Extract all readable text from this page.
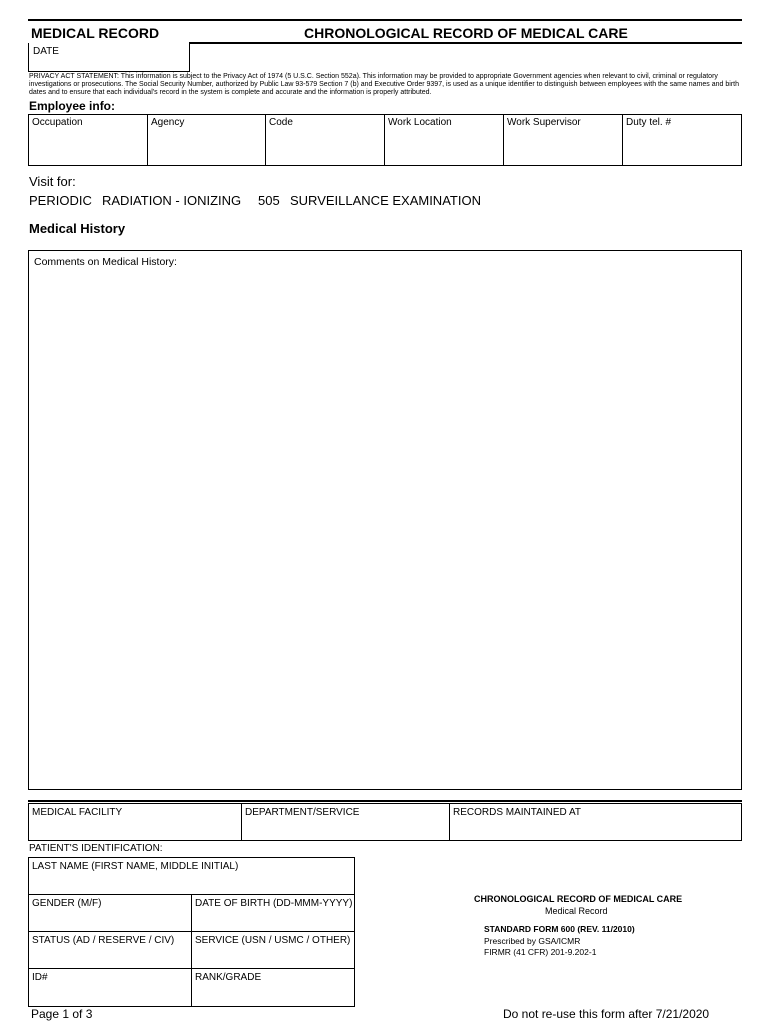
MEDICAL RECORD	CHRONOLOGICAL RECORD OF MEDICAL CARE
DATE
PRIVACY ACT STATEMENT: This information is subject to the Privacy Act of 1974 (5 U.S.C. Section 552a). This information may be provided to appropriate Government agencies when relevant to civil, criminal or regulatory investigations or prosecutions. The Social Security Number, authorized by Public Law 93-579 Section 7 (b) and Executive Order 9397, is used as a unique identifier to distinguish between employees with the same names and birth dates and to ensure that each individual's record in the system is complete and accurate and the information is properly attributed.
Employee info:
Occupation	Agency	Code	Work Location	Work Supervisor	Duty tel. #
Visit for:
PERIODIC RADIATION - IONIZING 505 SURVEILLANCE EXAMINATION
Medical History
Comments on Medical History:
MEDICAL FACILITY	DEPARTMENT/SERVICE	RECORDS MAINTAINED AT
PATIENT'S IDENTIFICATION:
LAST NAME (FIRST NAME, MIDDLE INITIAL)
GENDER (M/F)	DATE OF BIRTH (DD-MMM-YYYY)
STATUS (AD / RESERVE / CIV) SERVICE (USN / USMC / OTHER)
ID#	RANK/GRADE
CHRONOLOGICAL RECORD OF MEDICAL CARE
Medical Record
STANDARD FORM 600 (REV. 11/2010)
Prescribed by GSA/ICMR
FIRMR (41 CFR) 201-9.202-1
Page 1 of 3	Do not re-use this form after 7/21/2020
